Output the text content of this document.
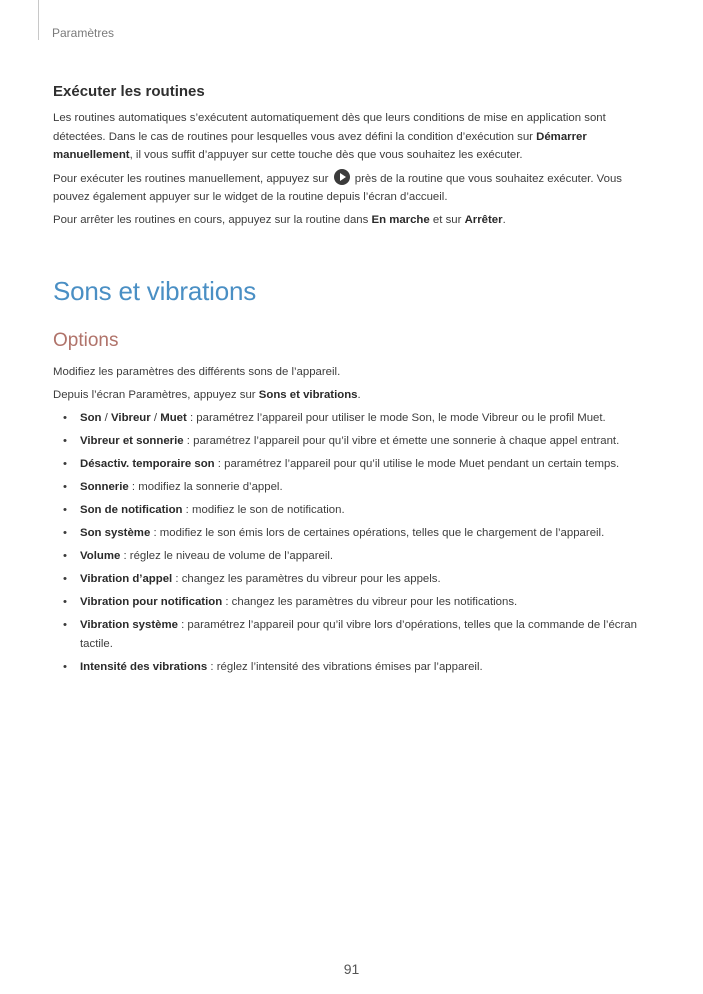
Paramètres
Exécuter les routines

Les routines automatiques s’exécutent automatiquement dès que leurs conditions de mise en application sont détectées. Dans le cas de routines pour lesquelles vous avez défini la condition d’exécution sur Démarrer manuellement, il vous suffit d’appuyer sur cette touche dès que vous souhaitez les exécuter.

Pour exécuter les routines manuellement, appuyez sur  près de la routine que vous souhaitez exécuter. Vous pouvez également appuyer sur le widget de la routine depuis l’écran d’accueil.

Pour arrêter les routines en cours, appuyez sur la routine dans En marche et sur Arrêter.

Sons et vibrations
Options

Modifiez les paramètres des différents sons de l’appareil.

Depuis l’écran Paramètres, appuyez sur Sons et vibrations.

• Son / Vibreur / Muet : paramétrez l’appareil pour utiliser le mode Son, le mode Vibreur ou le profil Muet.
• Vibreur et sonnerie : paramétrez l’appareil pour qu’il vibre et émette une sonnerie à chaque appel entrant.
• Désactiv. temporaire son : paramétrez l’appareil pour qu’il utilise le mode Muet pendant un certain temps.
• Sonnerie : modifiez la sonnerie d’appel.
• Son de notification : modifiez le son de notification.
• Son système : modifiez le son émis lors de certaines opérations, telles que le chargement de l’appareil.
• Volume : réglez le niveau de volume de l’appareil.
• Vibration d’appel : changez les paramètres du vibreur pour les appels.
• Vibration pour notification : changez les paramètres du vibreur pour les notifications.
• Vibration système : paramétrez l’appareil pour qu’il vibre lors d’opérations, telles que la commande de l’écran tactile.
• Intensité des vibrations : réglez l’intensité des vibrations émises par l’appareil.
91
